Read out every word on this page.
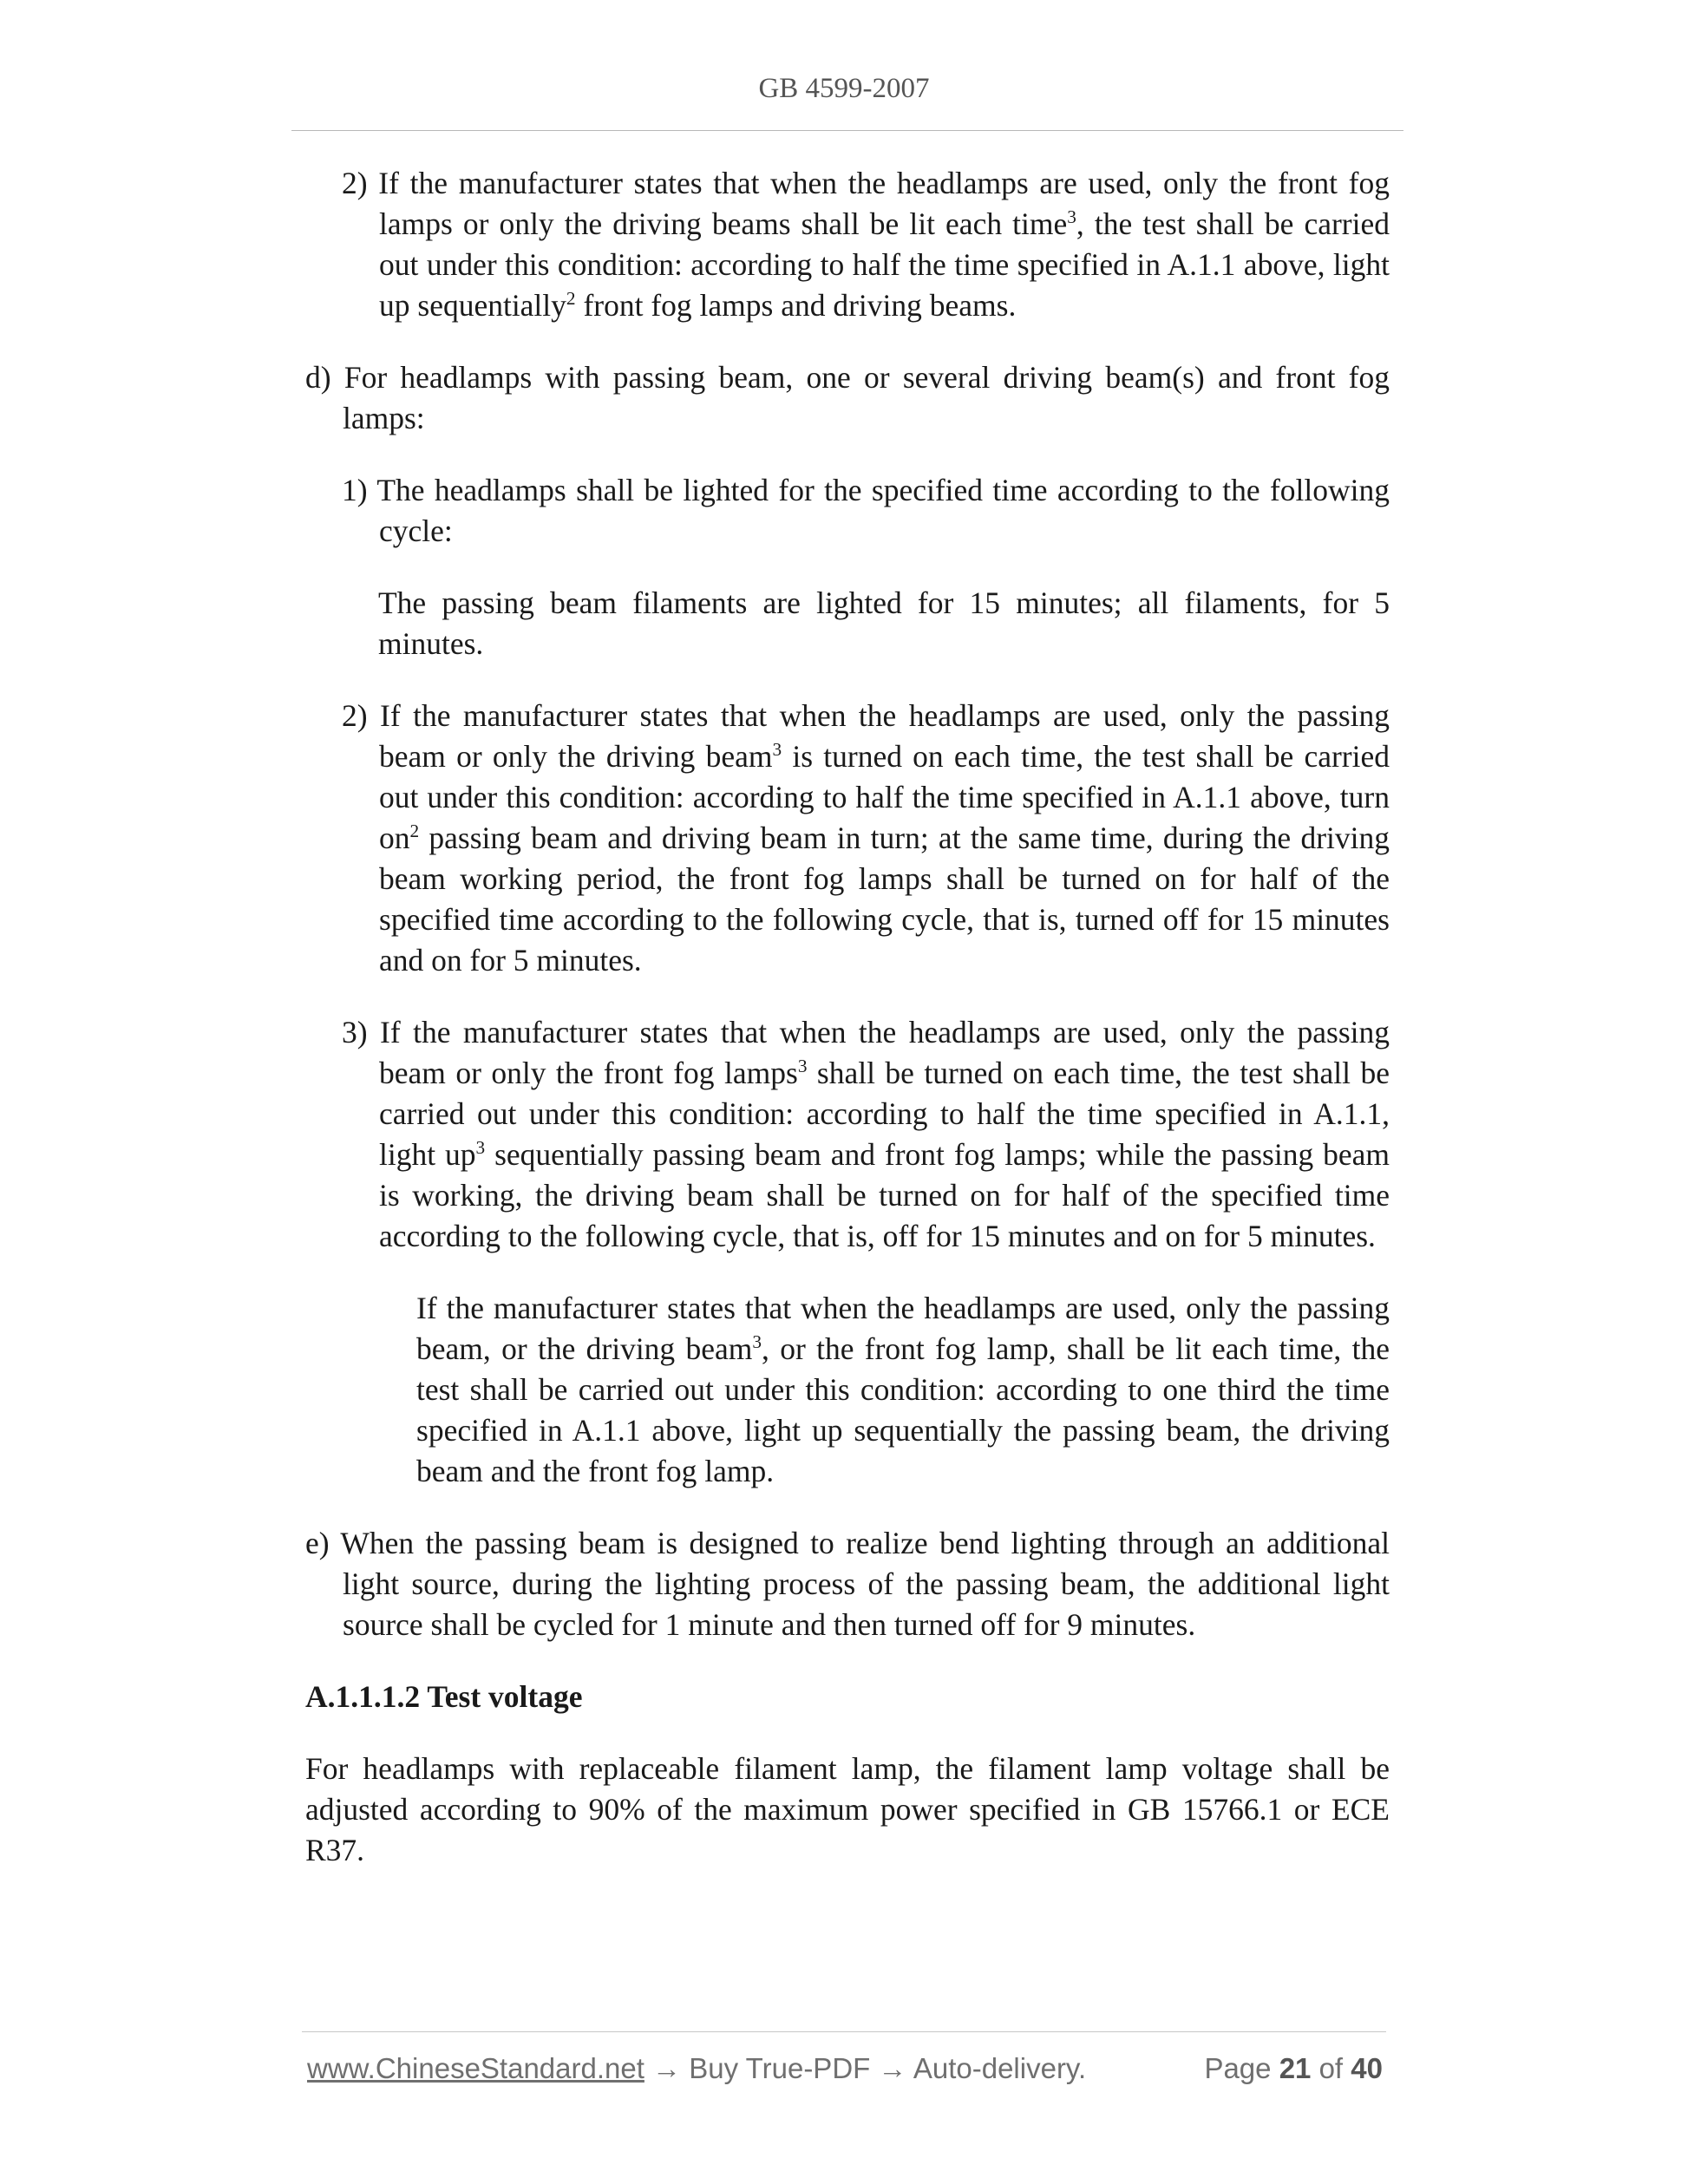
GB 4599-2007

2) If the manufacturer states that when the headlamps are used, only the front fog lamps or only the driving beams shall be lit each time$^3$, the test shall be carried out under this condition: according to half the time specified in A.1.1 above, light up sequentially$^2$ front fog lamps and driving beams.

d) For headlamps with passing beam, one or several driving beam(s) and front fog lamps:

1) The headlamps shall be lighted for the specified time according to the following cycle:

The passing beam filaments are lighted for 15 minutes; all filaments, for 5 minutes.

2) If the manufacturer states that when the headlamps are used, only the passing beam or only the driving beam$^3$ is turned on each time, the test shall be carried out under this condition: according to half the time specified in A.1.1 above, turn $on^2$ passing beam and driving beam in turn; at the same time, during the driving beam working period, the front fog lamps shall be turned on for half of the specified time according to the following cycle, that is, turned off for 15 minutes and on for 5 minutes.

3) If the manufacturer states that when the headlamps are used, only the passing beam or only the front fog lamps$^3$ shall be turned on each time, the test shall be carried out under this condition: according to half the time specified in A.1.1, light $up^3$ sequentially passing beam and front fog lamps; while the passing beam is working, the driving beam shall be turned on for half of the specified time according to the following cycle, that is, off for 15 minutes and on for 5 minutes.

If the manufacturer states that when the headlamps are used, only the passing beam, or the driving beam$^3$, or the front fog lamp, shall be lit each time, the test shall be carried out under this condition: according to one third the time specified in A.1.1 above, light up sequentially the passing beam, the driving beam and the front fog lamp.

e) When the passing beam is designed to realize bend lighting through an additional light source, during the lighting process of the passing beam, the additional light source shall be cycled for 1 minute and then turned off for 9 minutes.

A.1.1.1.2 Test voltage

For headlamps with replaceable filament lamp, the filament lamp voltage shall be adjusted according to 90% of the maximum power specified in GB 15766.1 or ECE R37.

www.ChineseStandard.net → Buy True-PDF → Auto-delivery.	Page 21 of 40
